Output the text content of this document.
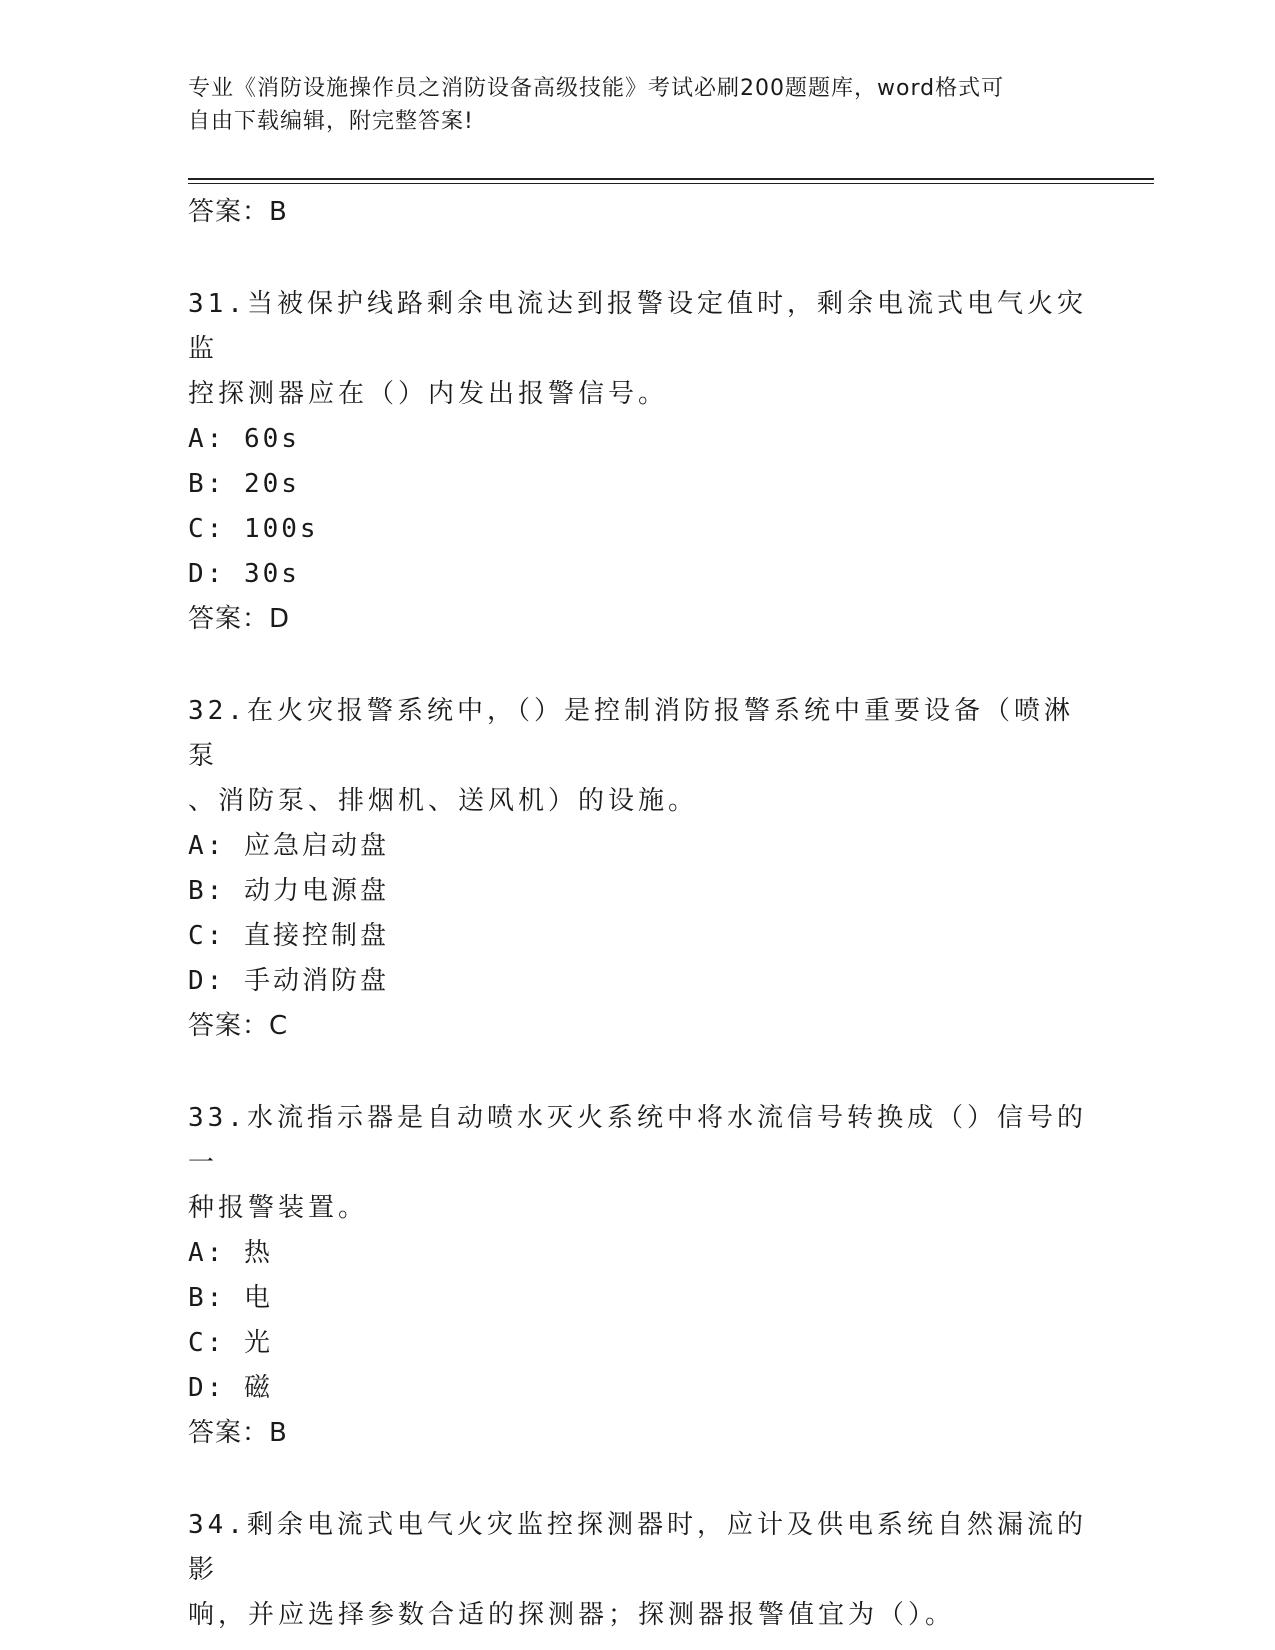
专业《消防设施操作员之消防设备高级技能》考试必刷200题题库，word格式可
自由下载编辑，附完整答案!
答案：B
31.当被保护线路剩余电流达到报警设定值时，剩余电流式电气火灾监
控探测器应在（）内发出报警信号。
A: 60s
B: 20s
C: 100s
D: 30s
答案：D
32.在火灾报警系统中，（）是控制消防报警系统中重要设备（喷淋泵
、消防泵、排烟机、送风机）的设施。
A: 应急启动盘
B: 动力电源盘
C: 直接控制盘
D: 手动消防盘
答案：C
33.水流指示器是自动喷水灭火系统中将水流信号转换成（）信号的一
种报警装置。
A: 热
B: 电
C: 光
D: 磁
答案：B
34.剩余电流式电气火灾监控探测器时，应计及供电系统自然漏流的影
响，并应选择参数合适的探测器；探测器报警值宜为（）。
